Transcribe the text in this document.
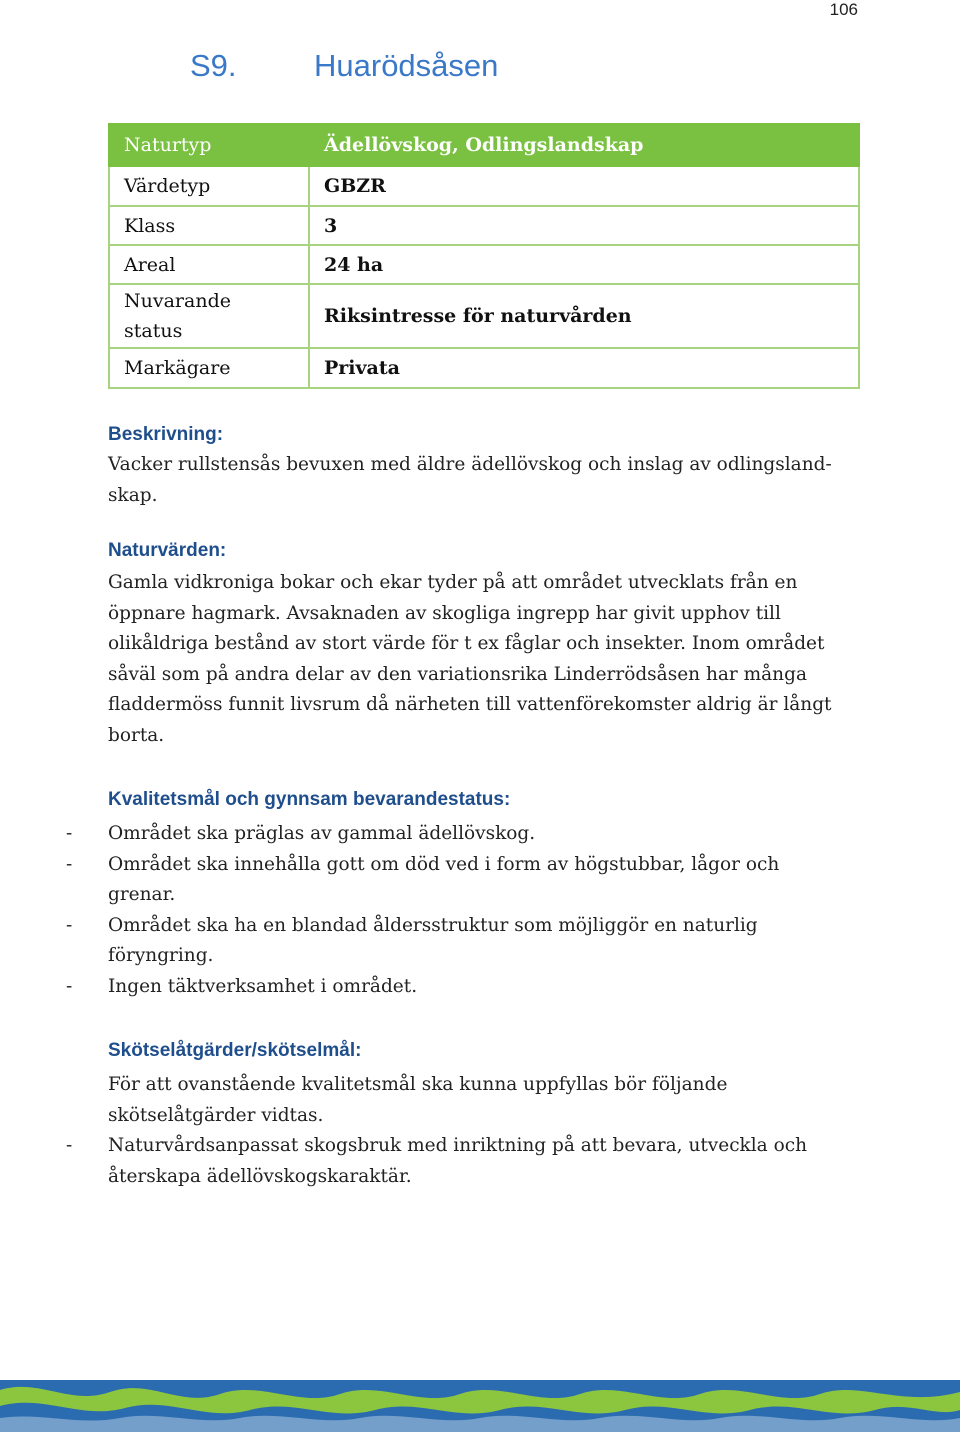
106
S9. Huarödsåsen
Naturtyp	Ädellövskog, Odlingslandskap
Värdetyp	GBZR
Klass	3
Areal	24 ha
Nuvarande status	Riksintresse för naturvården
Markägare	Privata
Beskrivning:

Vacker rullstensås bevuxen med äldre ädellövskog och inslag av odlingsland-skap.

Naturvärden:

Gamla vidkroniga bokar och ekar tyder på att området utvecklats från en öppnare hagmark. Avsaknaden av skogliga ingrepp har givit upphov till olikåldriga bestånd av stort värde för t ex fåglar och insekter. Inom området såväl som på andra delar av den variationsrika Linderrödsåsen har många fladdermöss funnit livsrum då närheten till vattenförekomster aldrig är långt borta.

Kvalitetsmål och gynnsam bevarandestatus:
- Området ska präglas av gammal ädellövskog.
- Området ska innehålla gott om död ved i form av högstubbar, lågor och grenar.
- Området ska ha en blandad åldersstruktur som möjliggör en naturlig föryngring.
- Ingen täktverksamhet i området.
Skötselåtgärder/skötselmål:

För att ovanstående kvalitetsmål ska kunna uppfyllas bör följande skötselåtgärder vidtas.

- Naturvårdsanpassat skogsbruk med inriktning på att bevara, utveckla och återskapa ädellövskogskaraktär.
